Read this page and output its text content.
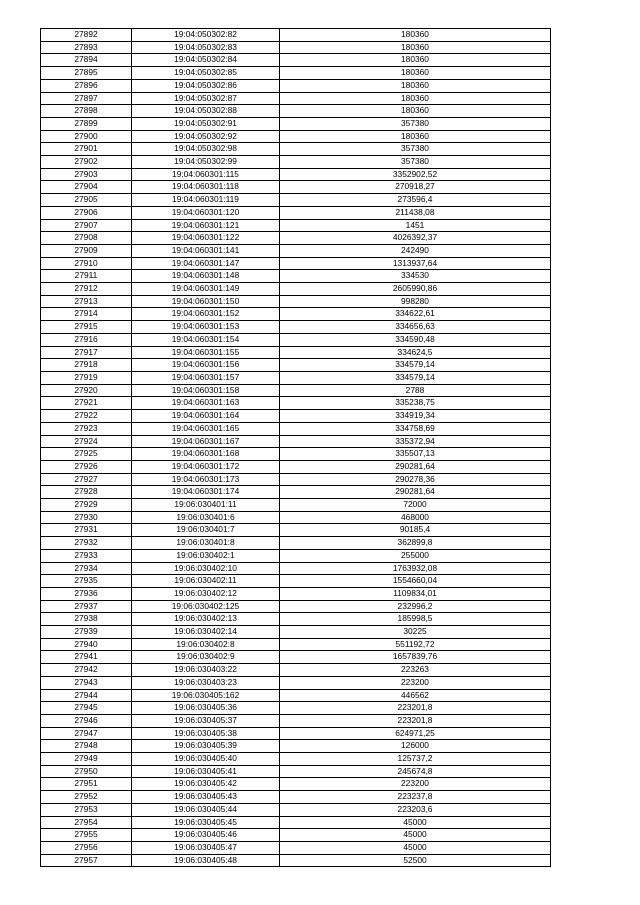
27892	19:04:050302:82	180360
27893	19:04:050302:83	180360
27894	19:04:050302:84	180360
27895	19:04:050302:85	180360
27896	19:04:050302:86	180360
27897	19:04:050302:87	180360
27898	19:04:050302:88	180360
27899	19:04:050302:91	357380
27900	19:04:050302:92	180360
27901	19:04:050302:98	357380
27902	19:04:050302:99	357380
27903	19:04:060301:115	3352902,52
27904	19:04:060301:118	270918,27
27905	19:04:060301:119	273596,4
27906	19:04:060301:120	211438,08
27907	19:04:060301:121	1451
27908	19:04:060301:122	4026392,37
27909	19:04:060301:141	242490
27910	19:04:060301:147	1313937,64
27911	19:04:060301:148	334530
27912	19:04:060301:149	2605990,86
27913	19:04:060301:150	998280
27914	19:04:060301:152	334622,61
27915	19:04:060301:153	334656,63
27916	19:04:060301:154	334590,48
27917	19:04:060301:155	334624,5
27918	19:04:060301:156	334579,14
27919	19:04:060301:157	334579,14
27920	19:04:060301:158	2788
27921	19:04:060301:163	335238,75
27922	19:04:060301:164	334919,34
27923	19:04:060301:165	334758,69
27924	19:04:060301:167	335372,94
27925	19:04:060301:168	335507,13
27926	19:04:060301:172	290281,64
27927	19:04:060301:173	290278,36
27928	19:04:060301:174	290281,64
27929	19:06:030401:11	72000
27930	19:06:030401:6	468000
27931	19:06:030401:7	90185,4
27932	19:06:030401:8	362899,8
27933	19:06:030402:1	255000
27934	19:06:030402:10	1763932,08
27935	19:06:030402:11	1554660,04
27936	19:06:030402:12	1109834,01
27937	19:06:030402:125	232996,2
27938	19:06:030402:13	185998,5
27939	19:06:030402:14	30225
27940	19:06:030402:8	551192,72
27941	19:06:030402:9	1657839,76
27942	19:06:030403:22	223263
27943	19:06:030403:23	223200
27944	19:06:030405:162	446562
27945	19:06:030405:36	223201,8
27946	19:06:030405:37	223201,8
27947	19:06:030405:38	624971,25
27948	19:06:030405:39	126000
27949	19:06:030405:40	125737,2
27950	19:06:030405:41	245674,8
27951	19:06:030405:42	223200
27952	19:06:030405:43	223237,8
27953	19:06:030405:44	223203,6
27954	19:06:030405:45	45000
27955	19:06:030405:46	45000
27956	19:06:030405:47	45000
27957	19:06:030405:48	52500
